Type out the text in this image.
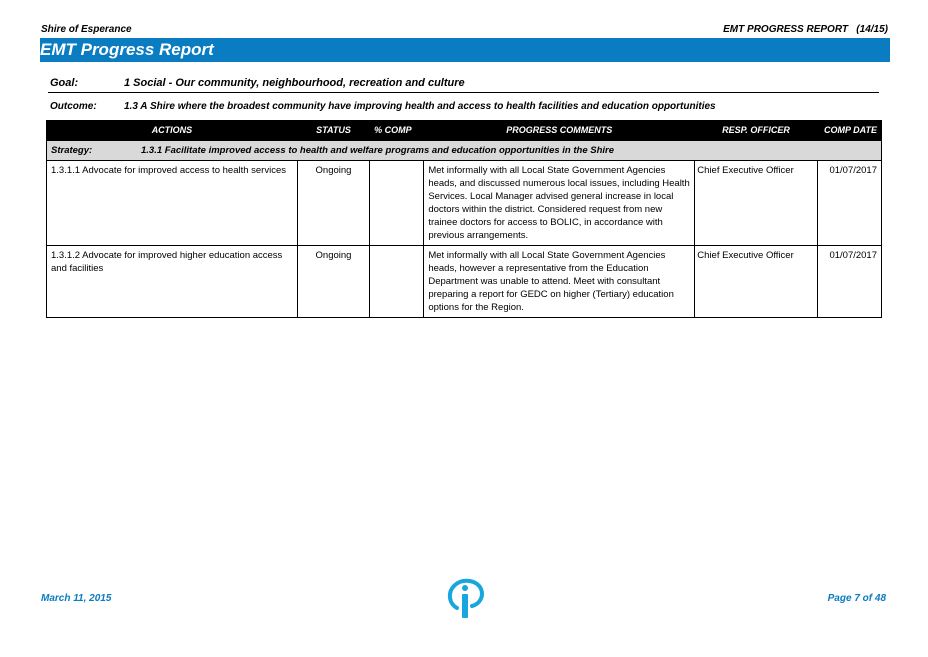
Shire of Esperance	EMT PROGRESS REPORT   (14/15)
EMT Progress Report
Goal:	1 Social - Our community, neighbourhood, recreation and culture
Outcome:	1.3 A Shire where the broadest community have improving health and access to health facilities and education opportunities
ACTIONS	STATUS	% COMP	PROGRESS COMMENTS	RESP. OFFICER	COMP DATE
Strategy: 1.3.1 Facilitate improved access to health and welfare programs and education opportunities in the Shire					
1.3.1.1 Advocate for improved access to health services	Ongoing		Met informally with all Local State Government Agencies heads, and discussed numerous local issues, including Health Services. Local Manager advised general increase in local doctors within the district. Considered request from new trainee doctors for access to BOLIC, in accordance with previous arrangements.	Chief Executive Officer	01/07/2017
1.3.1.2 Advocate for improved higher education access and facilities	Ongoing		Met informally with all Local State Government Agencies heads, however a representative from the Education Department was unable to attend. Meet with consultant preparing a report for GEDC on higher (Tertiary) education options for the Region.	Chief Executive Officer	01/07/2017
March 11, 2015	Page 7 of 48
